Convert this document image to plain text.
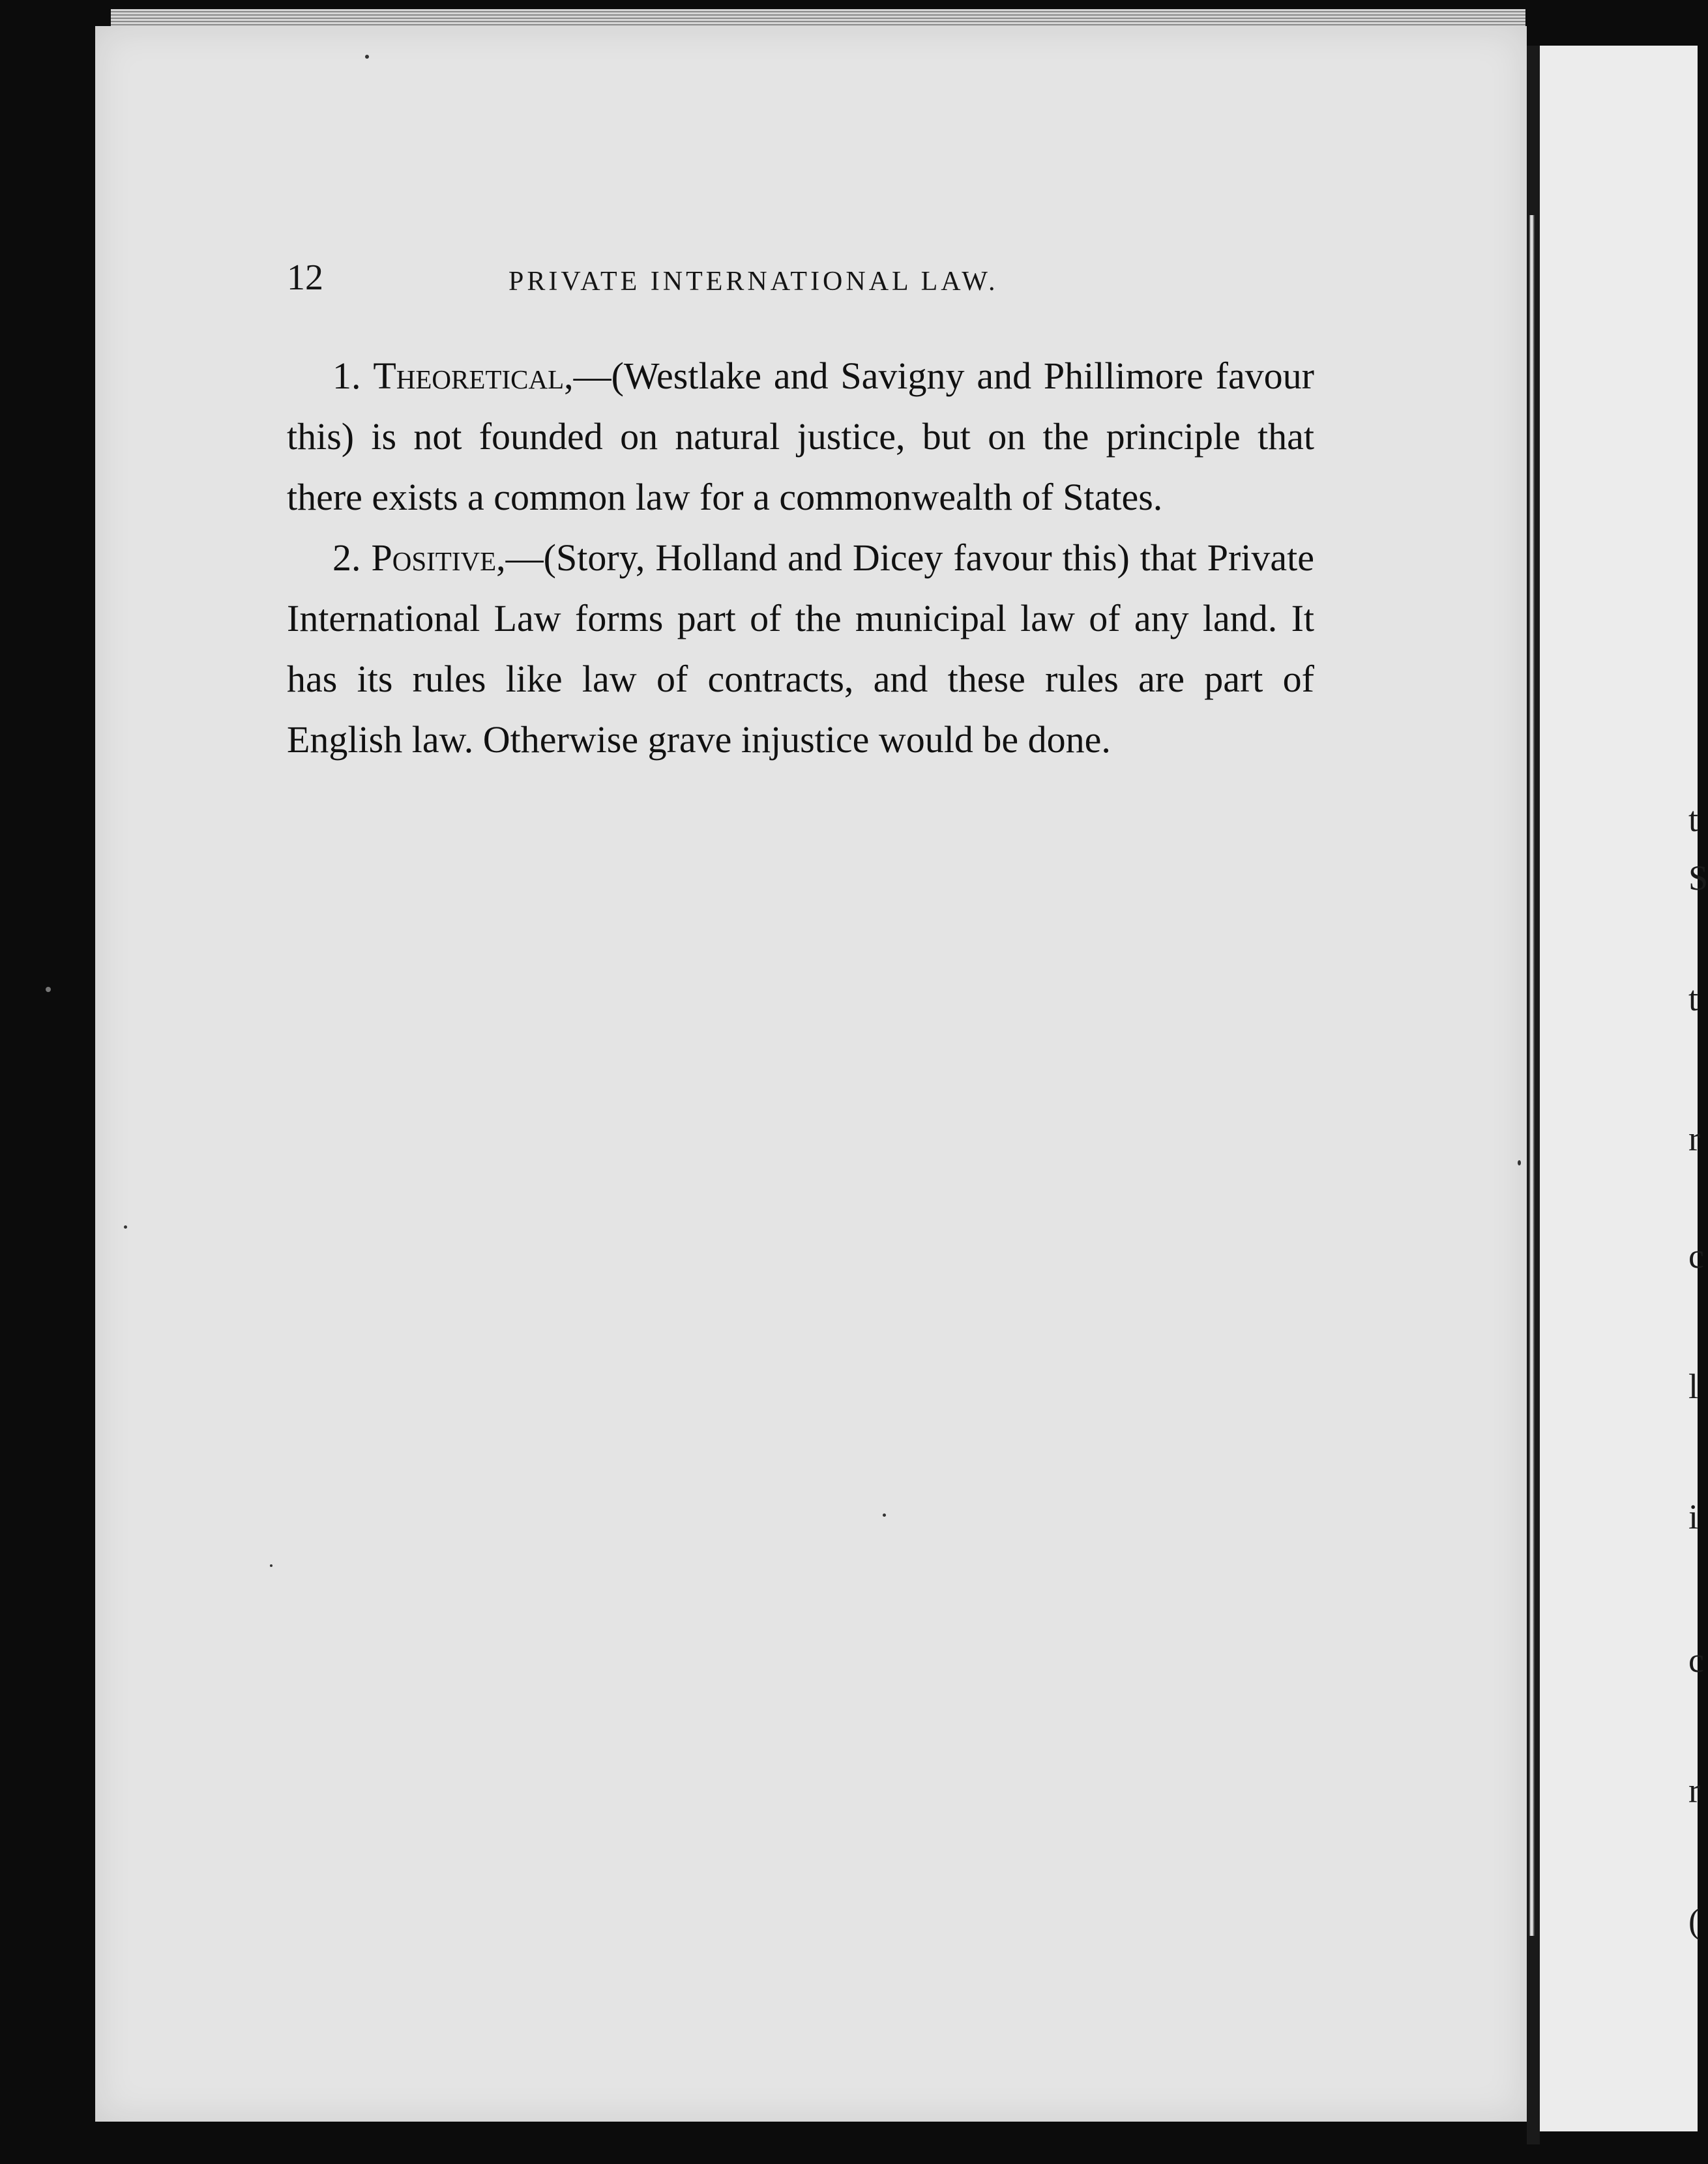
12	PRIVATE INTERNATIONAL LAW.

1. Theoretical,—(Westlake and Savigny and Phillimore favour this) is not founded on natural justice, but on the principle that there exists a common law for a commonwealth of States.

2. Positive,—(Story, Holland and Dicey favour this) that Private International Law forms part of the municipal law of any land. It has its rules like law of contracts, and these rules are part of English law. Otherwise grave injustice would be done.

t
S
t
r
c
l
i
c
r
(
